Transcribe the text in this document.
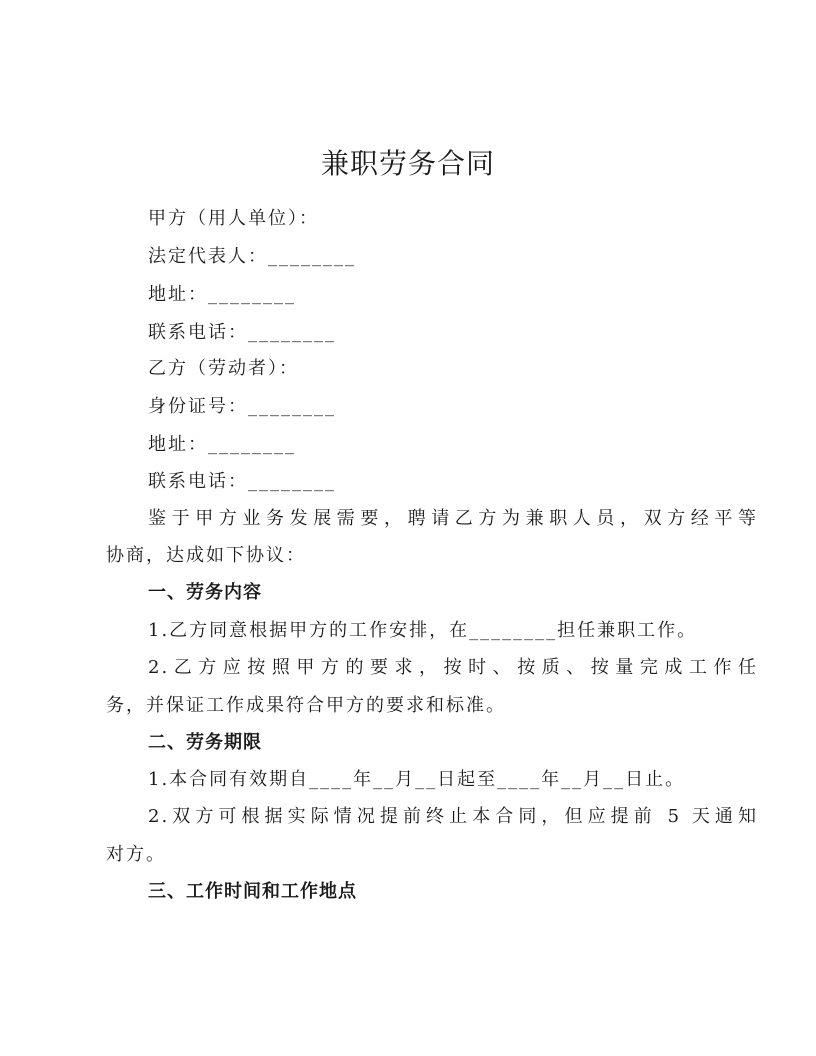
兼职劳务合同
甲方（用人单位）：
法定代表人：________
地址：________
联系电话：________
乙方（劳动者）：
身份证号：________
地址：________
联系电话：________
鉴于甲方业务发展需要，聘请乙方为兼职人员，双方经平等
协商，达成如下协议：
一、劳务内容
1.乙方同意根据甲方的工作安排，在________担任兼职工作。
2.乙方应按照甲方的要求，按时、按质、按量完成工作任
务，并保证工作成果符合甲方的要求和标准。
二、劳务期限
1.本合同有效期自____年__月__日起至____年__月__日止。
2.双方可根据实际情况提前终止本合同，但应提前 5 天通知
对方。
三、工作时间和工作地点
